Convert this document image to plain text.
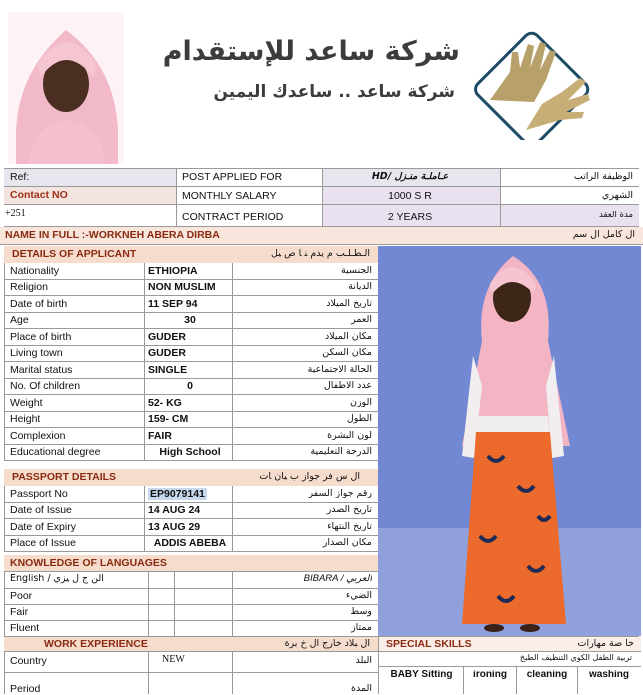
شركة ساعد للإستقدام
شركة ساعد .. ساعدك اليمين
Ref:
Contact NO
+251
POST APPLIED FOR	HD/ عـاملـة منـزل	الوظيفة الراتب
MONTHLY SALARY	1000 S R	الشهري
CONTRACT PERIOD	2 YEARS	مدة العقد
NAME IN FULL :-WORKNEH ABERA DIRBA	ال كامل ال سم
DETAILS OF APPLICANT	الـطـلـب م ﻳﺪم ﻨ ﺎ ﺹ ﻴﻞ
Nationality	ETHIOPIA	الجنسية
Religion	NON MUSLIM	الديانة
Date of birth	11 SEP 94	تاريخ الميلاد
Age	30	العمر
Place of birth	GUDER	مكان الميلاد
Living town	GUDER	مكان السكن
Marital status	SINGLE	الحالة الاجتماعية
No. Of children	0	عدد الاطفال
Weight	52- KG	الوزن
Height	159- CM	الطول
Complexion	FAIR	لون البشرة
Educational degree	High School	الدرجة التعليمية
PASSPORT DETAILS	ال س فر جواز ب ﻴﺎن ﺎت
Passport No	EP9079141	رقم جواز السفر
Date of Issue	14 AUG 24	تاريخ الصدر
Date of Expiry	13 AUG 29	تاريخ النتهاء
Place of Issue	ADDIS ABEBA	مكان الصدار
KNOWLEDGE OF LANGUAGES
English / الن ج ل ﻴﺰي	BIBARA / العربي
Poor	الضيء
Fair	وسط
Fluent	ممتاز
WORK EXPERIENCE	ال ﺒﻼد خارج ال خ برة
Country	NEW	البلد
Period	المدة
SPECIAL SKILLS	خا صة مهارات
تربية الطفل الكوي التنظيف الطبخ
BABY Sitting	ironing	cleaning	washing
